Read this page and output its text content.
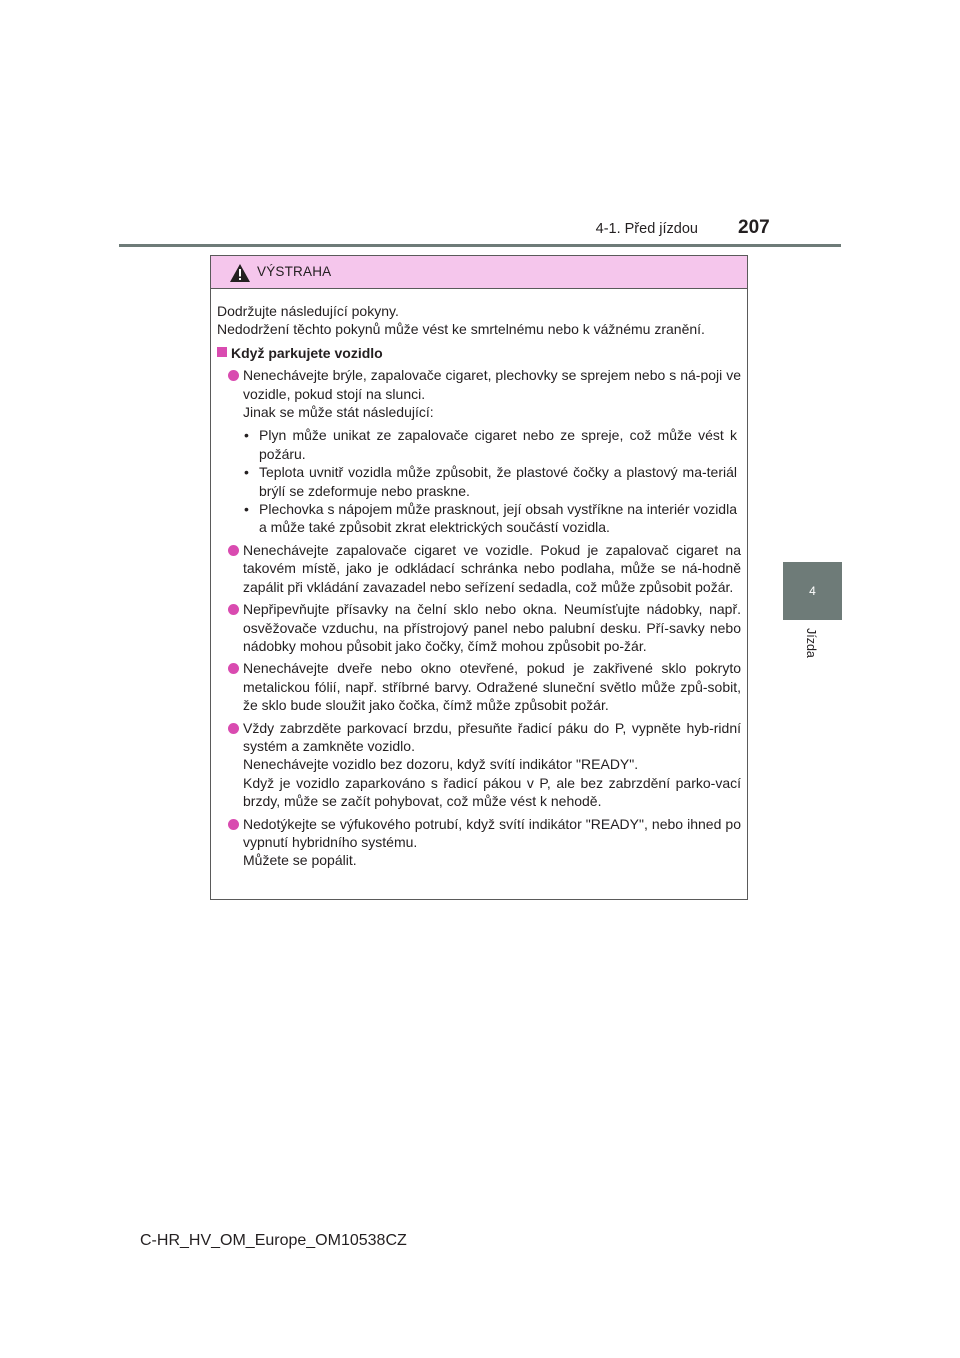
4-1. Před jízdou 207
4
Jízda
VÝSTRAHA

Dodržujte následující pokyny.

Nedodržení těchto pokynů může vést ke smrtelnému nebo k vážnému zranění.

Když parkujete vozidlo

Nenechávejte brýle, zapalovače cigaret, plechovky se sprejem nebo s ná-poji ve vozidle, pokud stojí na slunci.

Jinak se může stát následující:

• Plyn může unikat ze zapalovače cigaret nebo ze spreje, což může vést k požáru.
• Teplota uvnitř vozidla může způsobit, že plastové čočky a plastový ma-teriál brýlí se zdeformuje nebo praskne.
• Plechovka s nápojem může prasknout, její obsah vystříkne na interiér vozidla a může také způsobit zkrat elektrických součástí vozidla.

Nenechávejte zapalovače cigaret ve vozidle. Pokud je zapalovač cigaret na takovém místě, jako je odkládací schránka nebo podlaha, může se ná-hodně zapálit při vkládání zavazadel nebo seřízení sedadla, což může způsobit požár.

Nepřipevňujte přísavky na čelní sklo nebo okna. Neumísťujte nádobky, např. osvěžovače vzduchu, na přístrojový panel nebo palubní desku. Pří-savky nebo nádobky mohou působit jako čočky, čímž mohou způsobit po-žár.

Nenechávejte dveře nebo okno otevřené, pokud je zakřivené sklo pokryto metalickou fólií, např. stříbrné barvy. Odražené sluneční světlo může způ-sobit, že sklo bude sloužit jako čočka, čímž může způsobit požár.

Vždy zabrzděte parkovací brzdu, přesuňte řadicí páku do P, vypněte hyb-ridní systém a zamkněte vozidlo.

Nenechávejte vozidlo bez dozoru, když svítí indikátor "READY".

Když je vozidlo zaparkováno s řadicí pákou v P, ale bez zabrzdění parko-vací brzdy, může se začít pohybovat, což může vést k nehodě.

Nedotýkejte se výfukového potrubí, když svítí indikátor "READY", nebo ihned po vypnutí hybridního systému.

Můžete se popálit.

C-HR_HV_OM_Europe_OM10538CZ
